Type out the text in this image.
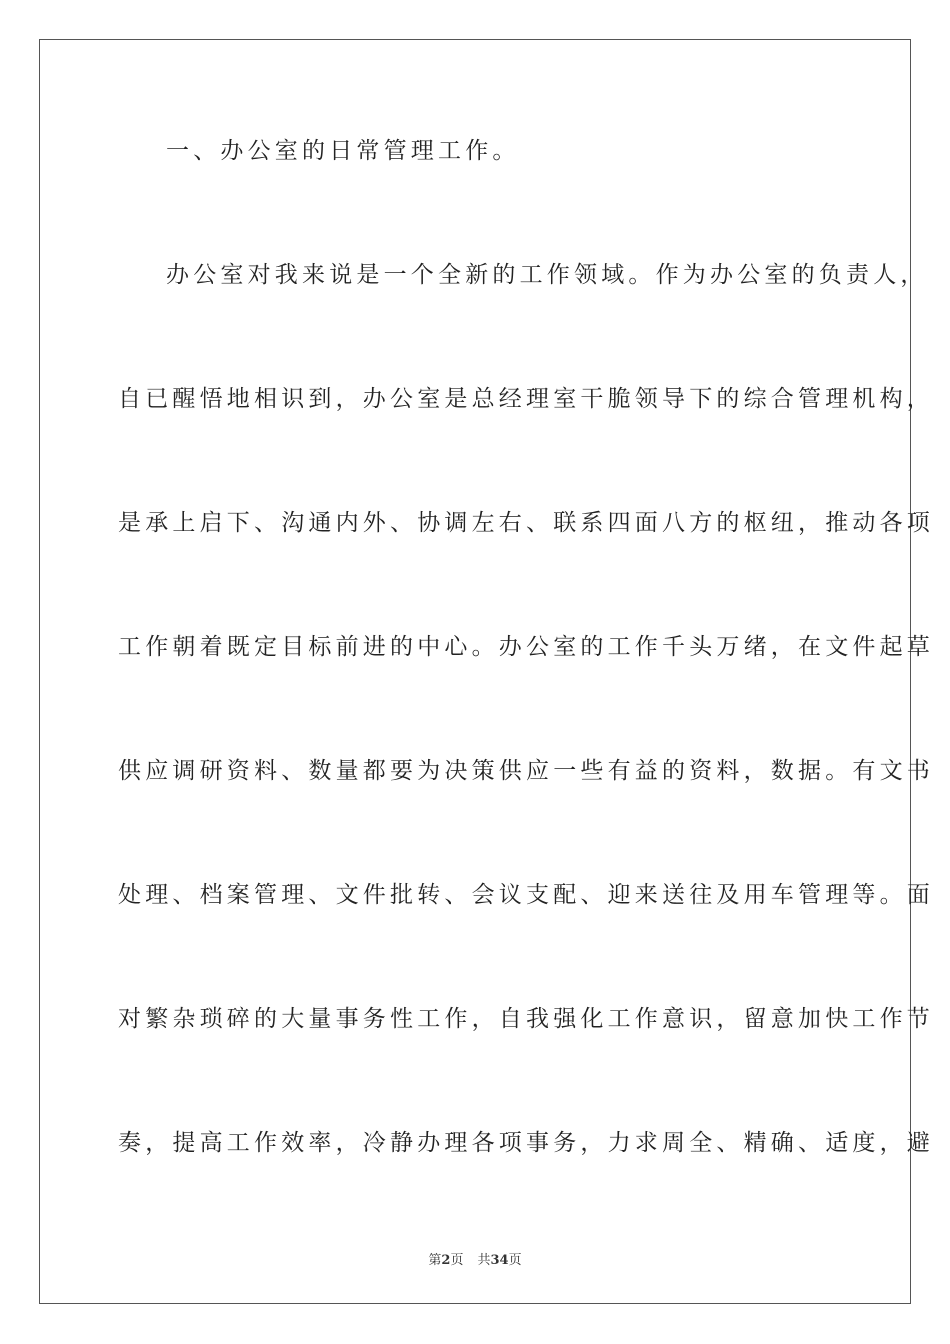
一、办公室的日常管理工作。
办公室对我来说是一个全新的工作领域。作为办公室的负责人，
自已醒悟地相识到，办公室是总经理室干脆领导下的综合管理机构，
是承上启下、沟通内外、协调左右、联系四面八方的枢纽，推动各项
工作朝着既定目标前进的中心。办公室的工作千头万绪，在文件起草
供应调研资料、数量都要为决策供应一些有益的资料，数据。有文书
处理、档案管理、文件批转、会议支配、迎来送往及用车管理等。面
对繁杂琐碎的大量事务性工作，自我强化工作意识，留意加快工作节
奏，提高工作效率，冷静办理各项事务，力求周全、精确、适度，避
第2页 共34页
